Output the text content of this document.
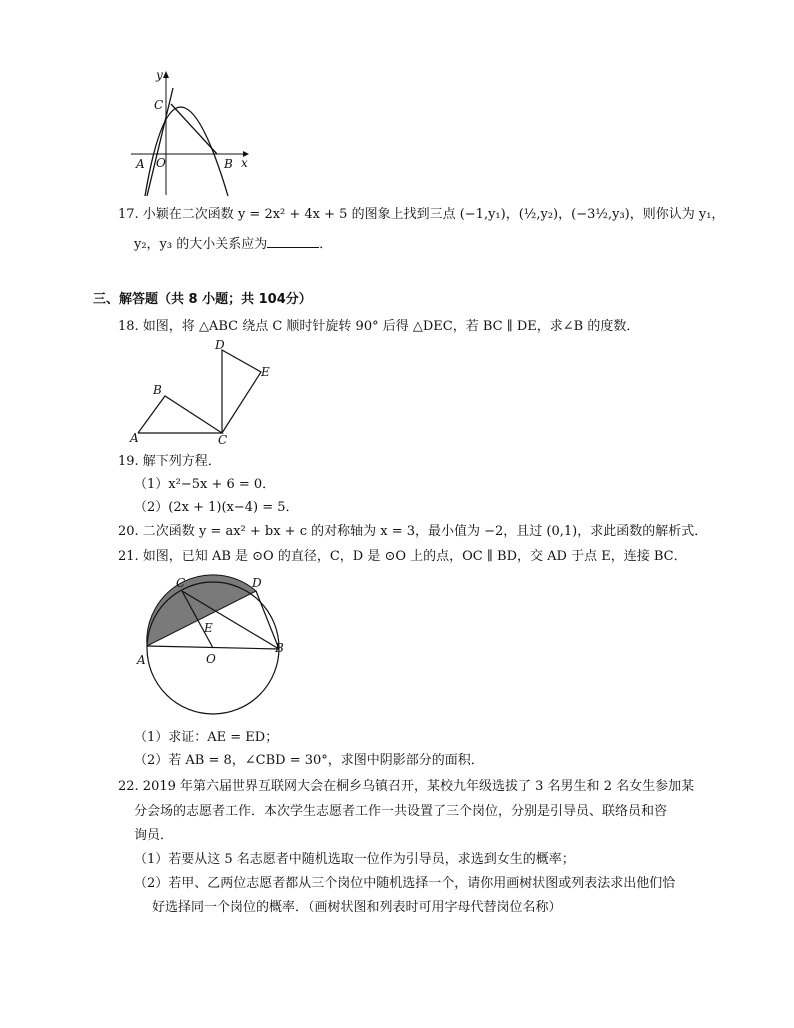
y
C
A O	B x
17. 小颖在二次函数 y = 2x² + 4x + 5 的图象上找到三点 (−1,y₁)，(½,y₂)，(−3½,y₃)，则你认为 y₁，
y₂，y₃ 的大小关系应为	．
三、解答题（共 8 小题；共 104分）
18. 如图，将 △ABC 绕点 C 顺时针旋转 90° 后得 △DEC，若 BC ∥ DE，求∠B 的度数．
D
E
B
A	C
19. 解下列方程．
（1）x²−5x + 6 = 0．
（2）(2x + 1)(x−4) = 5．
20. 二次函数 y = ax² + bx + c 的对称轴为 x = 3，最小值为 −2，且过 (0,1)，求此函数的解析式．
21. 如图，已知 AB 是 ⊙O 的直径，C，D 是 ⊙O 上的点，OC ∥ BD，交 AD 于点 E，连接 BC．
C	D
E
A	O
B
（1）求证：AE = ED；
（2）若 AB = 8，∠CBD = 30°，求图中阴影部分的面积．
22. 2019 年第六届世界互联网大会在桐乡乌镇召开，某校九年级选拔了 3 名男生和 2 名女生参加某
分会场的志愿者工作．本次学生志愿者工作一共设置了三个岗位，分别是引导员、联络员和咨
询员．
（1）若要从这 5 名志愿者中随机选取一位作为引导员，求选到女生的概率；
（2）若甲、乙两位志愿者都从三个岗位中随机选择一个，请你用画树状图或列表法求出他们恰
好选择同一个岗位的概率．（画树状图和列表时可用字母代替岗位名称）
